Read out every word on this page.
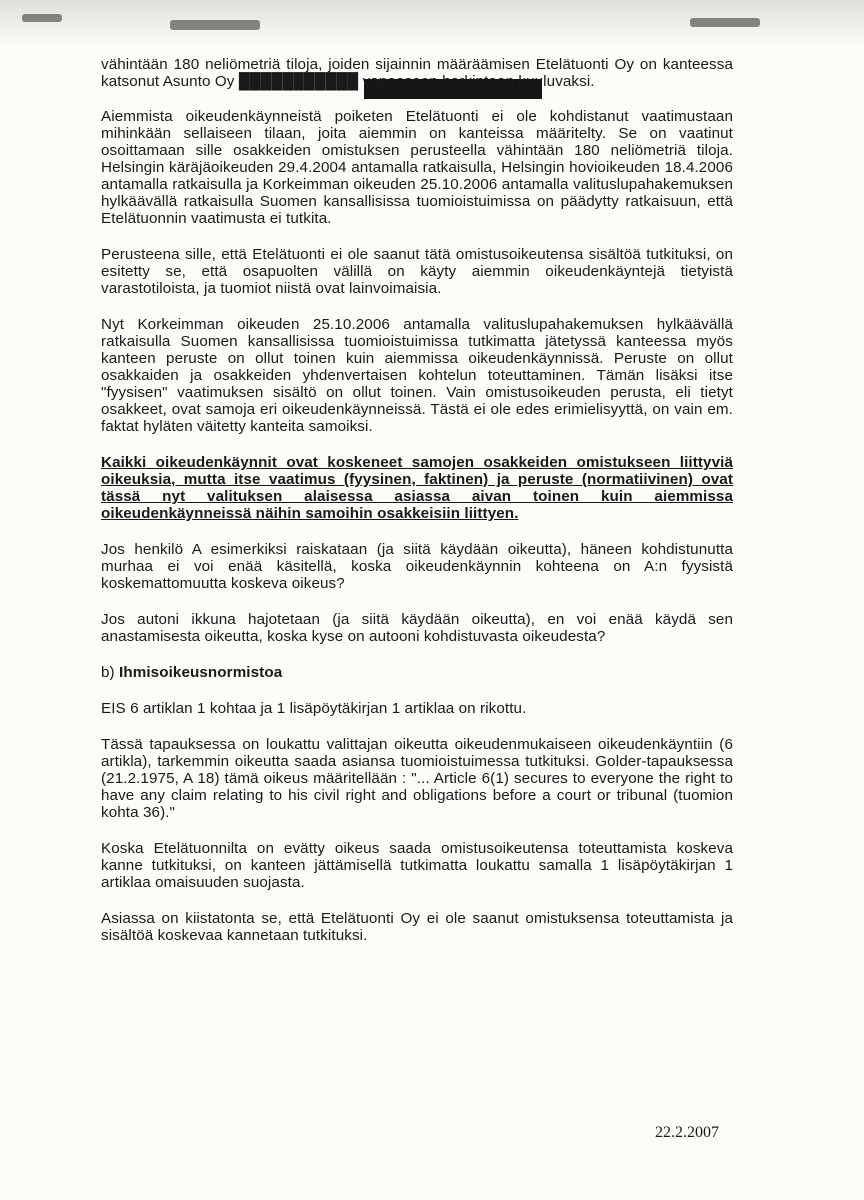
vähintään 180 neliömetriä tiloja, joiden sijainnin määräämisen Etelätuonti Oy on kanteessa katsonut Asunto Oy ███████████ vapaaseen harkintaan kuuluvaksi.

Aiemmista oikeudenkäynneistä poiketen Etelätuonti ei ole kohdistanut vaatimustaan mihinkään sellaiseen tilaan, joita aiemmin on kanteissa määritelty. Se on vaatinut osoittamaan sille osakkeiden omistuksen perusteella vähintään 180 neliömetriä tiloja. Helsingin käräjäoikeuden 29.4.2004 antamalla ratkaisulla, Helsingin hovioikeuden 18.4.2006 antamalla ratkaisulla ja Korkeimman oikeuden 25.10.2006 antamalla valituslupahakemuksen hylkäävällä ratkaisulla Suomen kansallisissa tuomioistuimissa on päädytty ratkaisuun, että Etelätuonnin vaatimusta ei tutkita.

Perusteena sille, että Etelätuonti ei ole saanut tätä omistusoikeutensa sisältöä tutkituksi, on esitetty se, että osapuolten välillä on käyty aiemmin oikeudenkäyntejä tietyistä varastotiloista, ja tuomiot niistä ovat lainvoimaisia.

Nyt Korkeimman oikeuden 25.10.2006 antamalla valituslupahakemuksen hylkäävällä ratkaisulla Suomen kansallisissa tuomioistuimissa tutkimatta jätetyssä kanteessa myös kanteen peruste on ollut toinen kuin aiemmissa oikeudenkäynnissä. Peruste on ollut osakkaiden ja osakkeiden yhdenvertaisen kohtelun toteuttaminen. Tämän lisäksi itse "fyysisen" vaatimuksen sisältö on ollut toinen. Vain omistusoikeuden perusta, eli tietyt osakkeet, ovat samoja eri oikeudenkäynneissä. Tästä ei ole edes erimielisyyttä, on vain em. faktat hyläten väitetty kanteita samoiksi.

Kaikki oikeudenkäynnit ovat koskeneet samojen osakkeiden omistukseen liittyviä oikeuksia, mutta itse vaatimus (fyysinen, faktinen) ja peruste (normatiivinen) ovat tässä nyt valituksen alaisessa asiassa aivan toinen kuin aiemmissa oikeudenkäynneissä näihin samoihin osakkeisiin liittyen.

Jos henkilö A esimerkiksi raiskataan (ja siitä käydään oikeutta), häneen kohdistunutta murhaa ei voi enää käsitellä, koska oikeudenkäynnin kohteena on A:n fyysistä koskemattomuutta koskeva oikeus?

Jos autoni ikkuna hajotetaan (ja siitä käydään oikeutta), en voi enää käydä sen anastamisesta oikeutta, koska kyse on autooni kohdistuvasta oikeudesta?

b) Ihmisoikeusnormistoa

EIS 6 artiklan 1 kohtaa ja 1 lisäpöytäkirjan 1 artiklaa on rikottu.

Tässä tapauksessa on loukattu valittajan oikeutta oikeudenmukaiseen oikeudenkäyntiin (6 artikla), tarkemmin oikeutta saada asiansa tuomioistuimessa tutkituksi. Golder-tapauksessa (21.2.1975, A 18) tämä oikeus määritellään : "... Article 6(1) secures to everyone the right to have any claim relating to his civil right and obligations before a court or tribunal (tuomion kohta 36)."

Koska Etelätuonnilta on evätty oikeus saada omistusoikeutensa toteuttamista koskeva kanne tutkituksi, on kanteen jättämisellä tutkimatta loukattu samalla 1 lisäpöytäkirjan 1 artiklaa omaisuuden suojasta.

Asiassa on kiistatonta se, että Etelätuonti Oy ei ole saanut omistuksensa toteuttamista ja sisältöä koskevaa kannetaan tutkituksi.

22.2.2007
